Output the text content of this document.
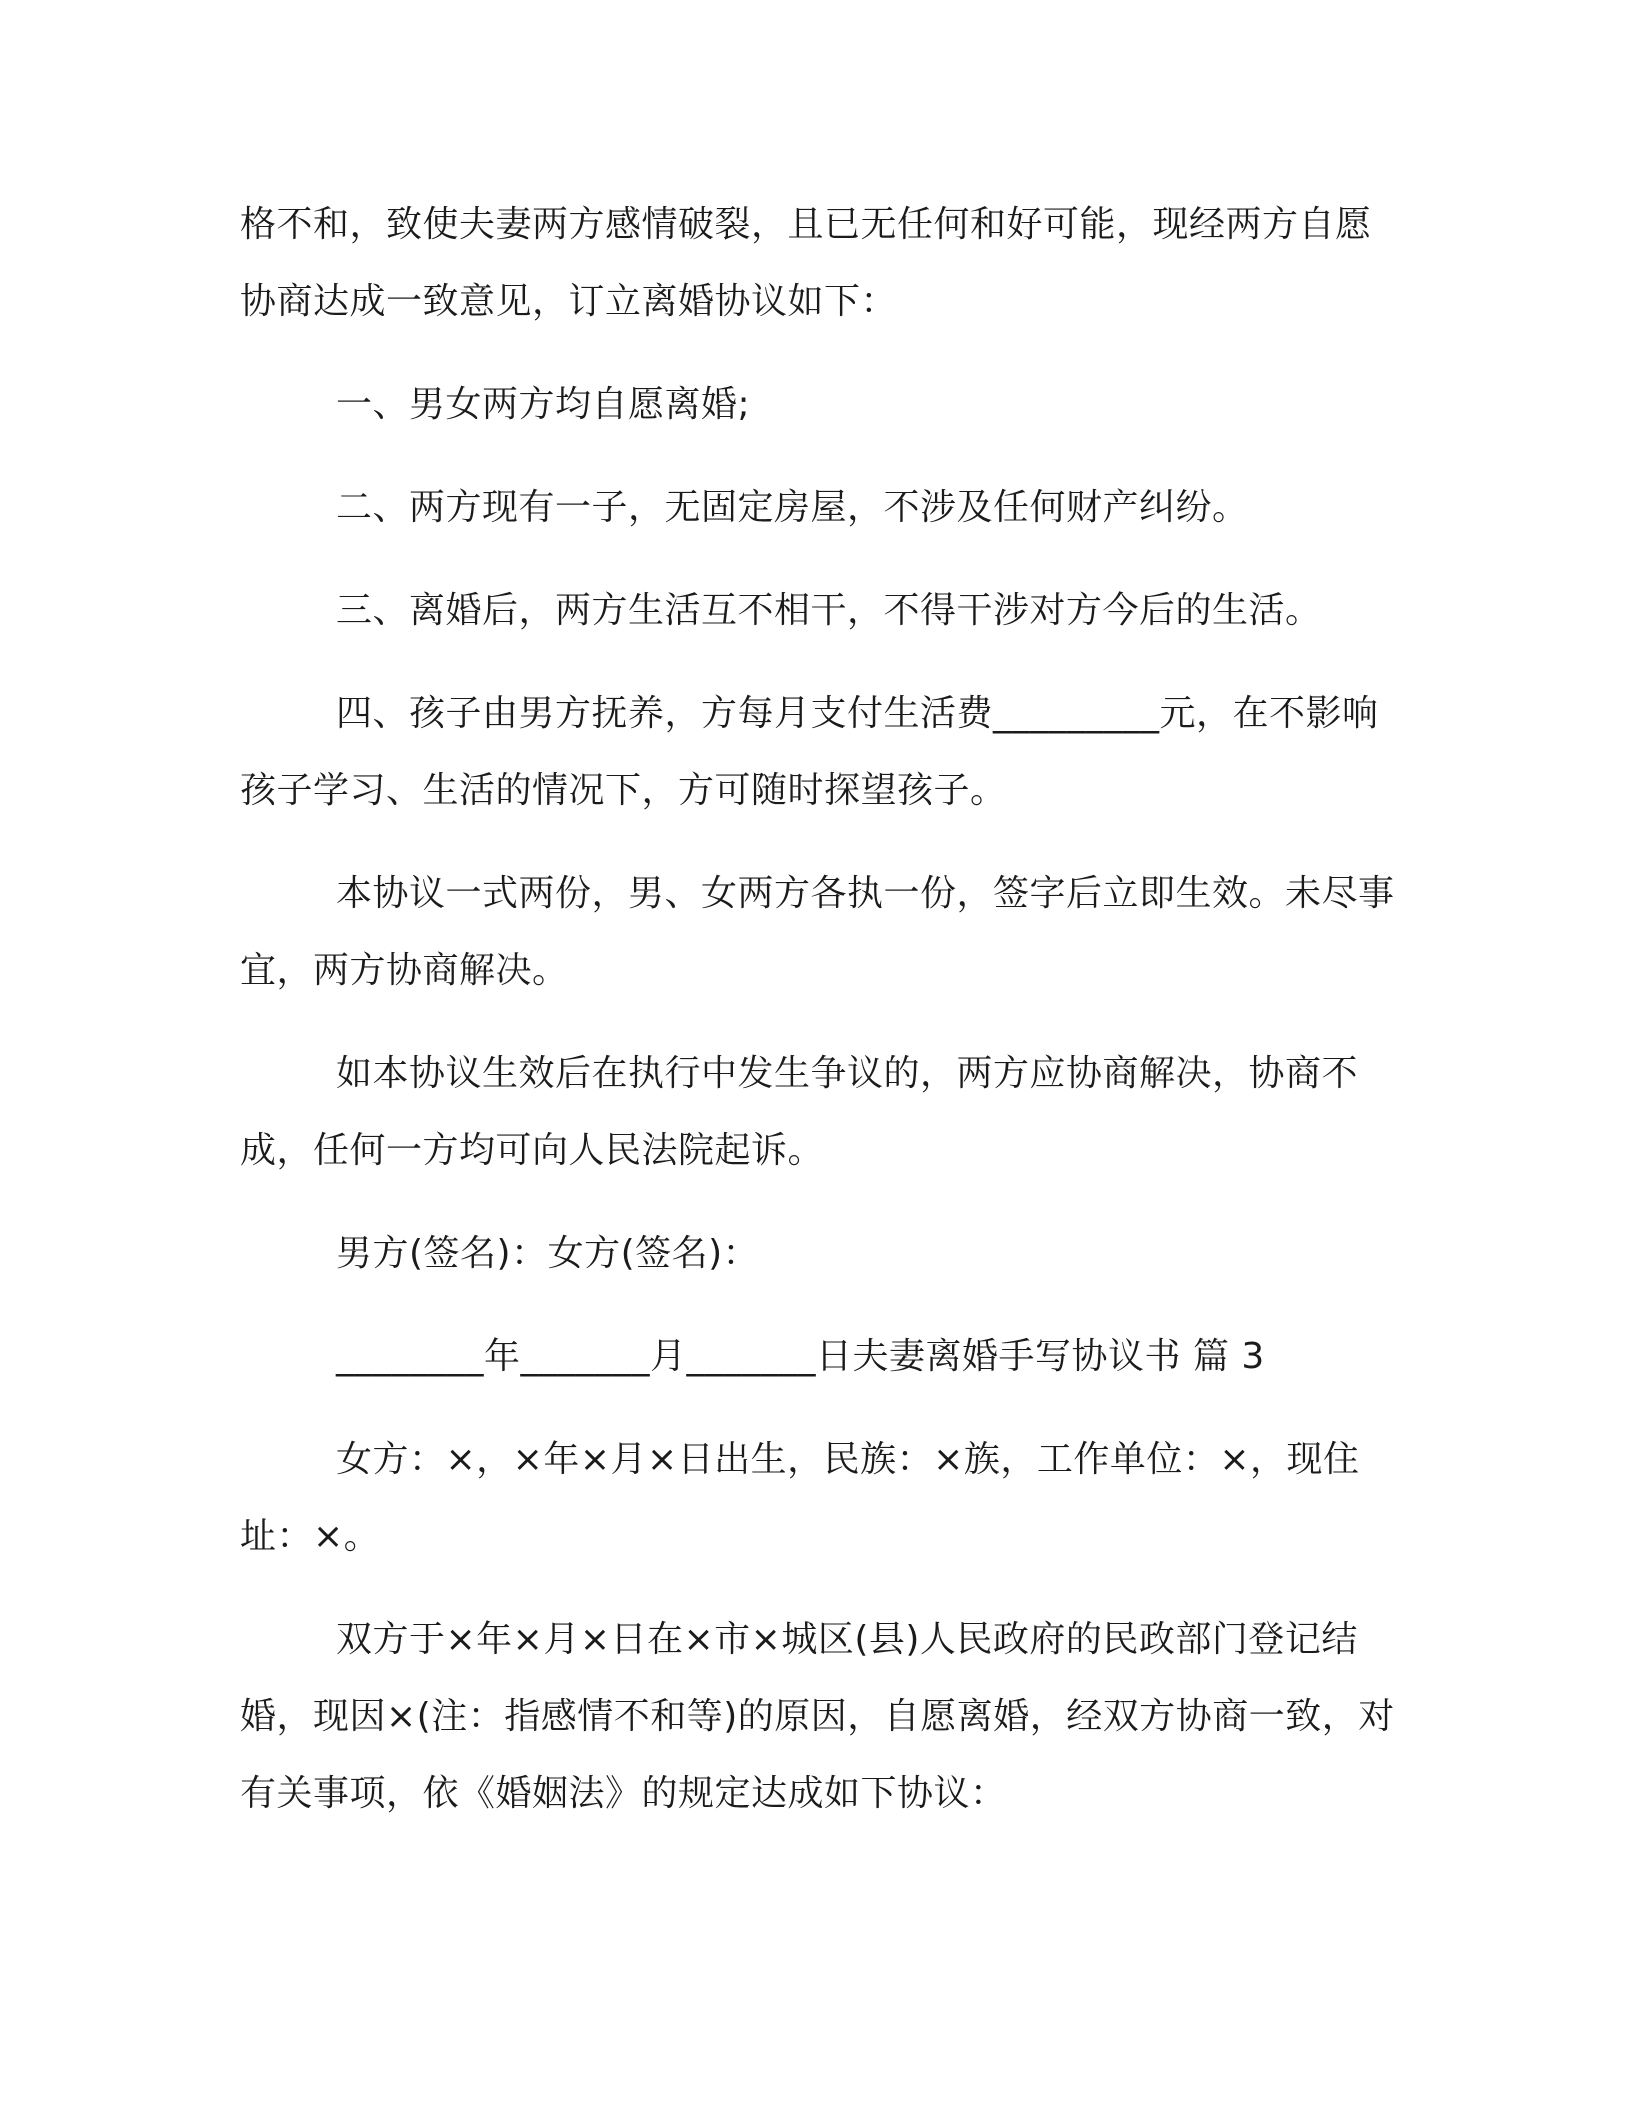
格不和，致使夫妻两方感情破裂，且已无任何和好可能，现经两方自愿协商达成一致意见，订立离婚协议如下：

一、男女两方均自愿离婚;

二、两方现有一子，无固定房屋，不涉及任何财产纠纷。

三、离婚后，两方生活互不相干，不得干涉对方今后的生活。

四、孩子由男方抚养，方每月支付生活费_________元，在不影响孩子学习、生活的情况下，方可随时探望孩子。

本协议一式两份，男、女两方各执一份，签字后立即生效。未尽事宜，两方协商解决。

如本协议生效后在执行中发生争议的，两方应协商解决，协商不成，任何一方均可向人民法院起诉。

男方(签名)：女方(签名)：

________年_______月_______日夫妻离婚手写协议书 篇 3

女方：×，×年×月×日出生，民族：×族，工作单位：×，现住址：×。

双方于×年×月×日在×市×城区(县)人民政府的民政部门登记结婚，现因×(注：指感情不和等)的原因，自愿离婚，经双方协商一致，对有关事项，依《婚姻法》的规定达成如下协议：
